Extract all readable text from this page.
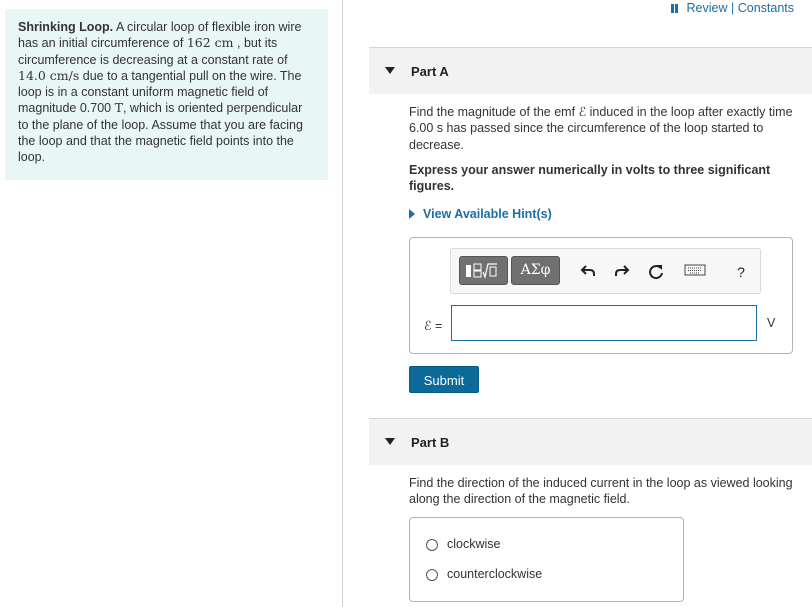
Shrinking Loop. A circular loop of flexible iron wire has an initial circumference of 162 cm , but its circumference is decreasing at a constant rate of 14.0 cm/s due to a tangential pull on the wire. The loop is in a constant uniform magnetic field of magnitude 0.700 T, which is oriented perpendicular to the plane of the loop. Assume that you are facing the loop and that the magnetic field points into the loop.
Review | Constants
Part A
Find the magnitude of the emf ℰ induced in the loop after exactly time 6.00 s has passed since the circumference of the loop started to decrease.
Express your answer numerically in volts to three significant figures.
View Available Hint(s)
ΑΣφ	?
ℰ =	V
Submit
Part B
Find the direction of the induced current in the loop as viewed looking along the direction of the magnetic field.
clockwise
counterclockwise
